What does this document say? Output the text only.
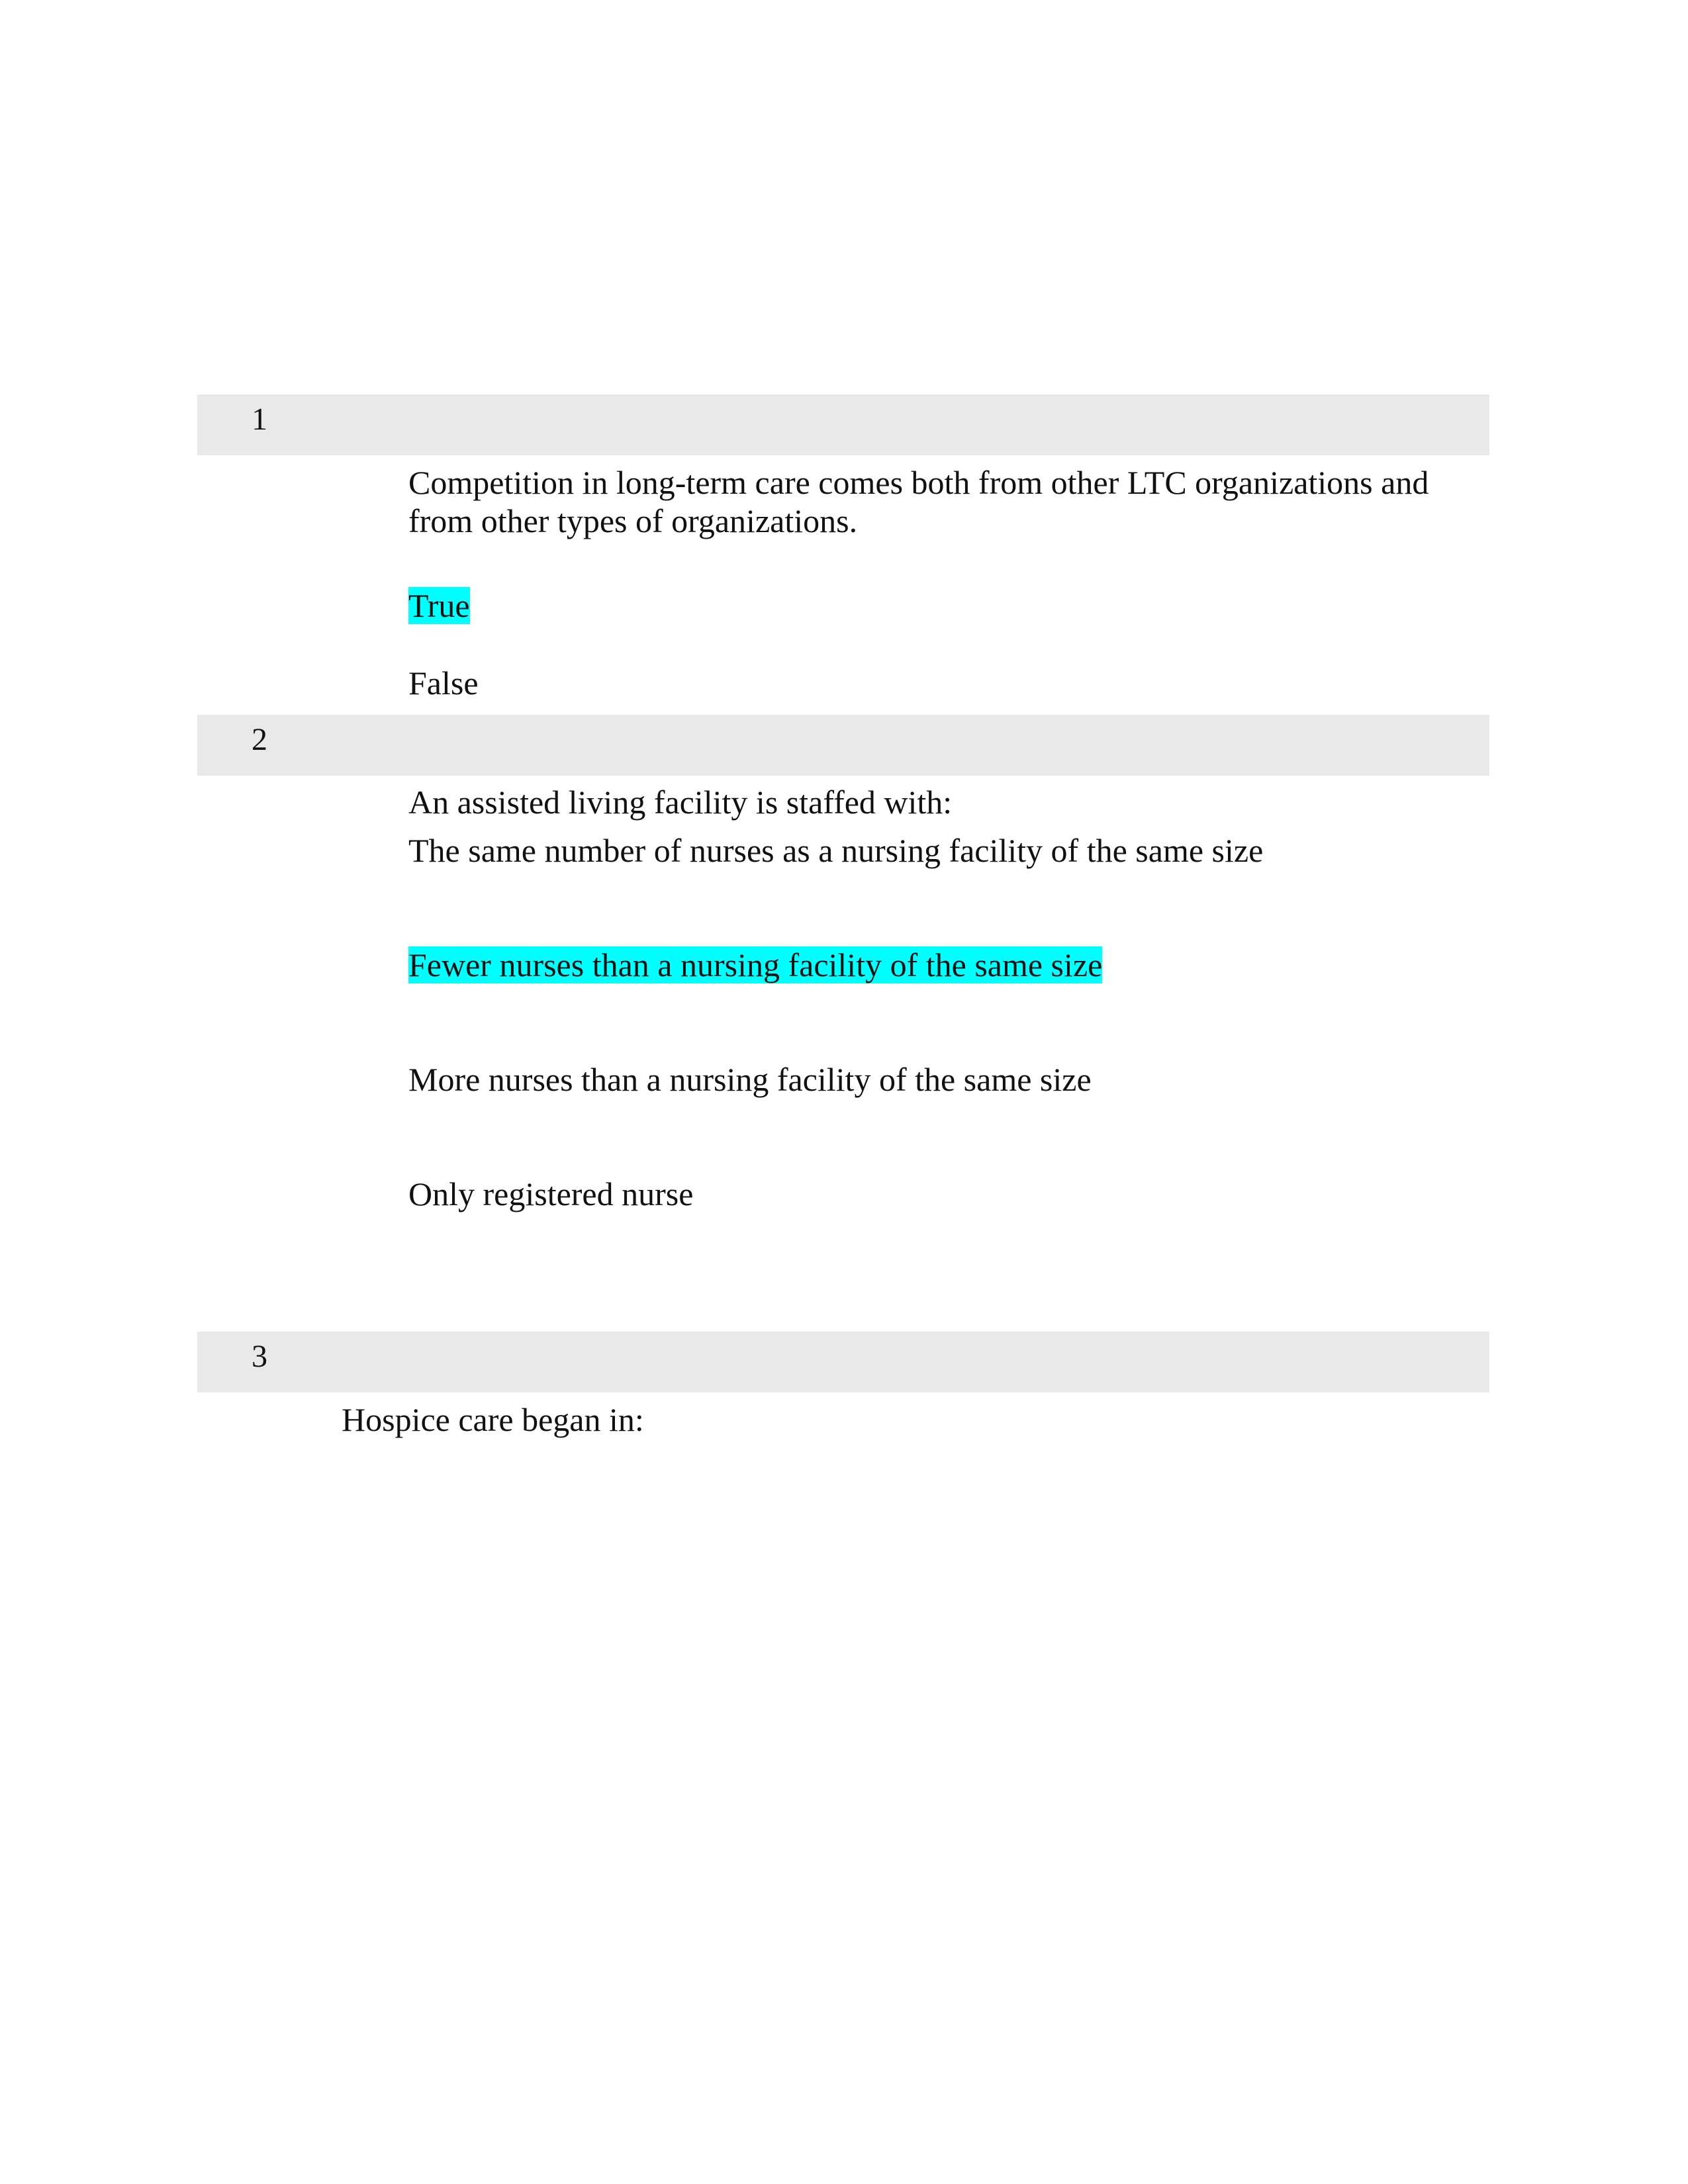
1
Competition in long-term care comes both from other LTC organizations and from other types of organizations.
True
False
2
An assisted living facility is staffed with:
The same number of nurses as a nursing facility of the same size
Fewer nurses than a nursing facility of the same size
More nurses than a nursing facility of the same size
Only registered nurse
3
Hospice care began in:
